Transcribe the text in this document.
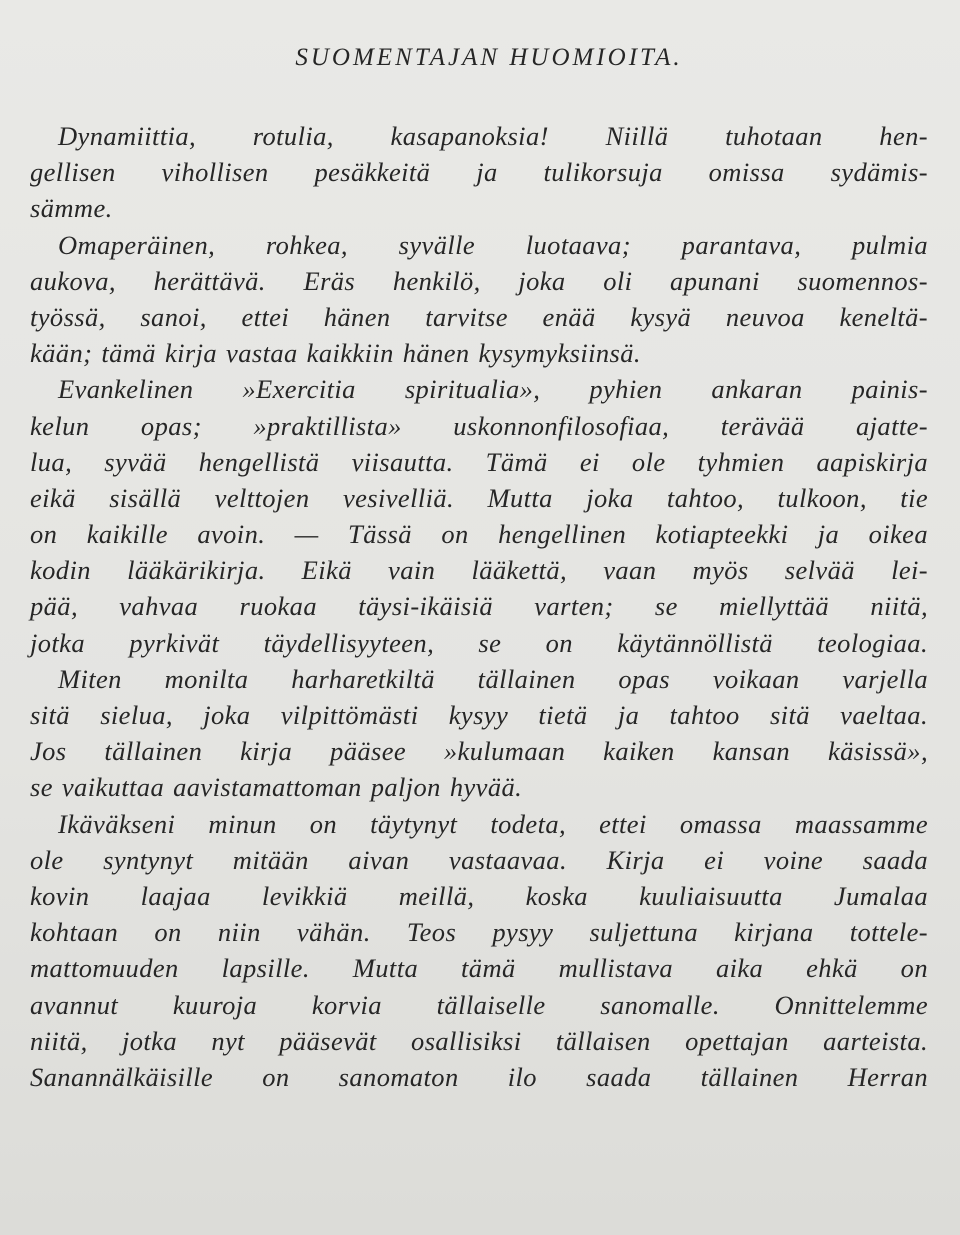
SUOMENTAJAN HUOMIOITA.
Dynamiittia, rotulia, kasapanoksia! Niillä tuhotaan hen-
gellisen vihollisen pesäkkeitä ja tulikorsuja omissa sydämis-
sämme.
Omaperäinen, rohkea, syvälle luotaava; parantava, pulmia
aukova, herättävä. Eräs henkilö, joka oli apunani suomennos-
työssä, sanoi, ettei hänen tarvitse enää kysyä neuvoa keneltä-
kään; tämä kirja vastaa kaikkiin hänen kysymyksiinsä.
Evankelinen »Exercitia spiritualia», pyhien ankaran painis-
kelun opas; »praktillista» uskonnonfilosofiaa, terävää ajatte-
lua, syvää hengellistä viisautta. Tämä ei ole tyhmien aapiskirja
eikä sisällä velttojen vesivelliä. Mutta joka tahtoo, tulkoon, tie
on kaikille avoin. — Tässä on hengellinen kotiapteekki ja oikea
kodin lääkärikirja. Eikä vain lääkettä, vaan myös selvää lei-
pää, vahvaa ruokaa täysi-ikäisiä varten; se miellyttää niitä,
jotka pyrkivät täydellisyyteen, se on käytännöllistä teologiaa.
Miten monilta harharetkiltä tällainen opas voikaan varjella
sitä sielua, joka vilpittömästi kysyy tietä ja tahtoo sitä vaeltaa.
Jos tällainen kirja pääsee »kulumaan kaiken kansan käsissä»,
se vaikuttaa aavistamattoman paljon hyvää.
Ikäväkseni minun on täytynyt todeta, ettei omassa maassamme
ole syntynyt mitään aivan vastaavaa. Kirja ei voine saada
kovin laajaa levikkiä meillä, koska kuuliaisuutta Jumalaa
kohtaan on niin vähän. Teos pysyy suljettuna kirjana tottele-
mattomuuden lapsille. Mutta tämä mullistava aika ehkä on
avannut kuuroja korvia tällaiselle sanomalle. Onnittelemme
niitä, jotka nyt pääsevät osallisiksi tällaisen opettajan aarteista.
Sanannälkäisille on sanomaton ilo saada tällainen Herran
